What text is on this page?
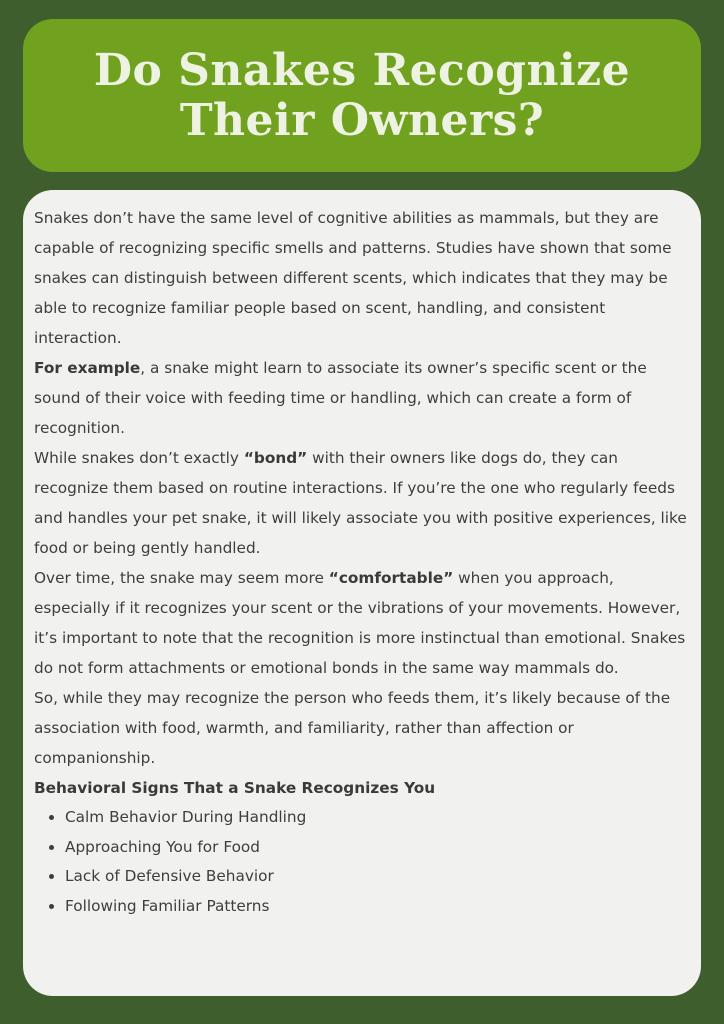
Do Snakes Recognize
Their Owners?

Snakes don’t have the same level of cognitive abilities as mammals, but they are capable of recognizing specific smells and patterns. Studies have shown that some snakes can distinguish between different scents, which indicates that they may be able to recognize familiar people based on scent, handling, and consistent interaction.

For example, a snake might learn to associate its owner’s specific scent or the sound of their voice with feeding time or handling, which can create a form of recognition.

While snakes don’t exactly “bond” with their owners like dogs do, they can recognize them based on routine interactions. If you’re the one who regularly feeds and handles your pet snake, it will likely associate you with positive experiences, like food or being gently handled.

Over time, the snake may seem more “comfortable” when you approach, especially if it recognizes your scent or the vibrations of your movements. However, it’s important to note that the recognition is more instinctual than emotional. Snakes do not form attachments or emotional bonds in the same way mammals do.

So, while they may recognize the person who feeds them, it’s likely because of the association with food, warmth, and familiarity, rather than affection or companionship.

Behavioral Signs That a Snake Recognizes You
• Calm Behavior During Handling
• Approaching You for Food
• Lack of Defensive Behavior
• Following Familiar Patterns
